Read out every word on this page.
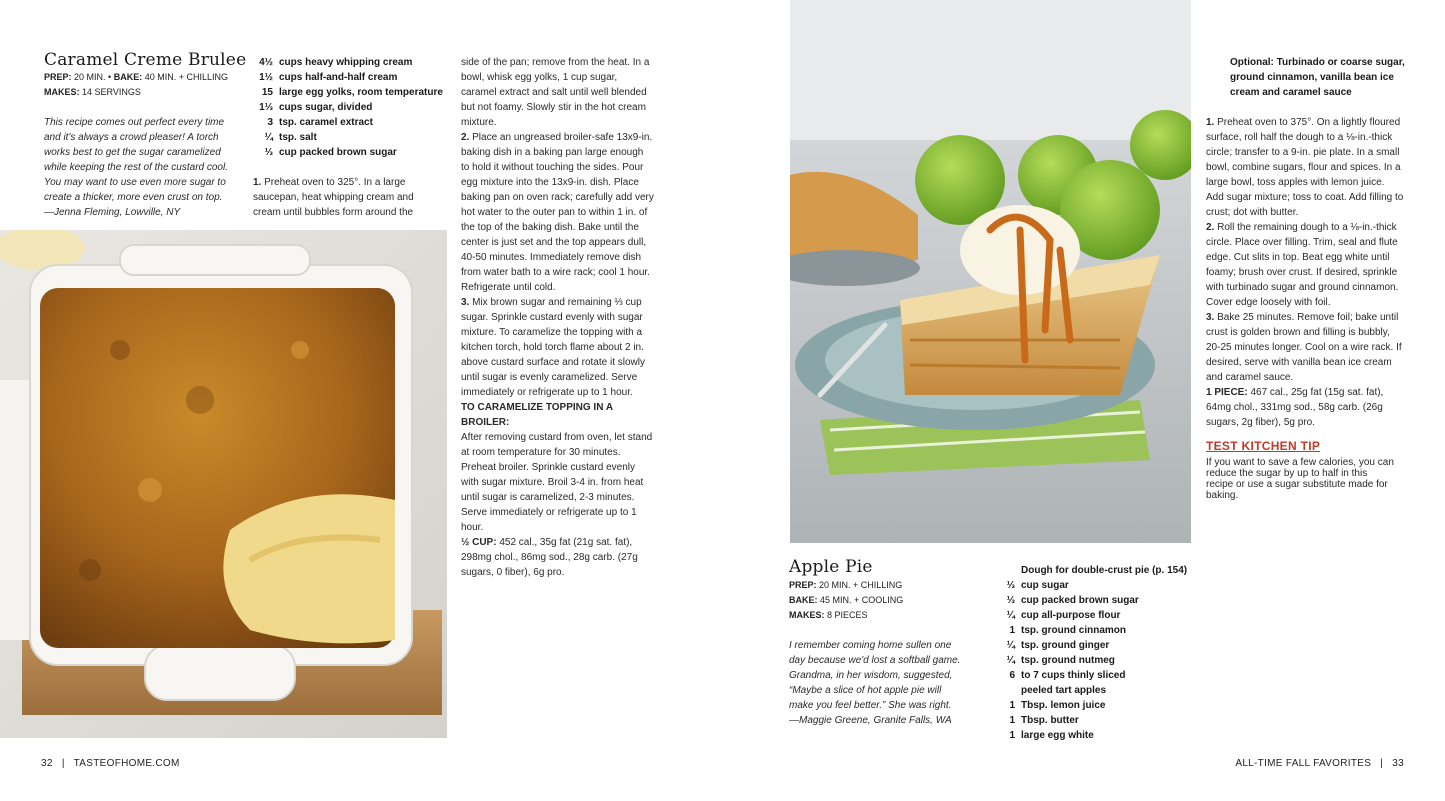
Caramel Creme Brulee
PREP: 20 MIN. • BAKE: 40 MIN. + CHILLING
MAKES: 14 SERVINGS
This recipe comes out perfect every time and it's always a crowd pleaser! A torch works best to get the sugar caramelized while keeping the rest of the custard cool. You may want to use even more sugar to create a thicker, more even crust on top.
—Jenna Fleming, Lowville, NY
4½ cups heavy whipping cream
1½ cups half-and-half cream
15 large egg yolks, room temperature
1⅓ cups sugar, divided
3 tsp. caramel extract
¼ tsp. salt
⅓ cup packed brown sugar

1. Preheat oven to 325°. In a large saucepan, heat whipping cream and cream until bubbles form around the

side of the pan; remove from the heat. In a bowl, whisk egg yolks, 1 cup sugar, caramel extract and salt until well blended but not foamy. Slowly stir in the hot cream mixture.

2. Place an ungreased broiler-safe 13x9-in. baking dish in a baking pan large enough to hold it without touching the sides. Pour egg mixture into the 13x9-in. dish. Place baking pan on oven rack; carefully add very hot water to the outer pan to within 1 in. of the top of the baking dish. Bake until the center is just set and the top appears dull, 40-50 minutes. Immediately remove dish from water bath to a wire rack; cool 1 hour. Refrigerate until cold.

3. Mix brown sugar and remaining ⅓ cup sugar. Sprinkle custard evenly with sugar mixture. To caramelize the topping with a kitchen torch, hold torch flame about 2 in. above custard surface and rotate it slowly until sugar is evenly caramelized. Serve immediately or refrigerate up to 1 hour.

TO CARAMELIZE TOPPING IN A BROILER:

After removing custard from oven, let stand at room temperature for 30 minutes. Preheat broiler. Sprinkle custard evenly with sugar mixture. Broil 3-4 in. from heat until sugar is caramelized, 2-3 minutes. Serve immediately or refrigerate up to 1 hour.

½ CUP: 452 cal., 35g fat (21g sat. fat), 298mg chol., 86mg sod., 28g carb. (27g sugars, 0 fiber), 6g pro.

32 | TASTEOFHOME.COM
Optional: Turbinado or coarse sugar, ground cinnamon, vanilla bean ice cream and caramel sauce

1. Preheat oven to 375°. On a lightly floured surface, roll half the dough to a ⅛-in.-thick circle; transfer to a 9-in. pie plate. In a small bowl, combine sugars, flour and spices. In a large bowl, toss apples with lemon juice. Add sugar mixture; toss to coat. Add filling to crust; dot with butter.

2. Roll the remaining dough to a ⅛-in.-thick circle. Place over filling. Trim, seal and flute edge. Cut slits in top. Beat egg white until foamy; brush over crust. If desired, sprinkle with turbinado sugar and ground cinnamon. Cover edge loosely with foil.

3. Bake 25 minutes. Remove foil; bake until crust is golden brown and filling is bubbly, 20-25 minutes longer. Cool on a wire rack. If desired, serve with vanilla bean ice cream and caramel sauce.

1 PIECE: 467 cal., 25g fat (15g sat. fat), 64mg chol., 331mg sod., 58g carb. (26g sugars, 2g fiber), 5g pro.

TEST KITCHEN TIP
If you want to save a few calories, you can reduce the sugar by up to half in this recipe or use a sugar substitute made for baking.
Apple Pie
PREP: 20 MIN. + CHILLING
BAKE: 45 MIN. + COOLING
MAKES: 8 PIECES
I remember coming home sullen one day because we'd lost a softball game. Grandma, in her wisdom, suggested, “Maybe a slice of hot apple pie will make you feel better.” She was right.
—Maggie Greene, Granite Falls, WA
Dough for double-crust pie (p. 154)
⅓ cup sugar
⅓ cup packed brown sugar
¼ cup all-purpose flour
1 tsp. ground cinnamon
¼ tsp. ground ginger
¼ tsp. ground nutmeg
6 to 7 cups thinly sliced
peeled tart apples
1 Tbsp. lemon juice
1 Tbsp. butter
1 large egg white
ALL-TIME FALL FAVORITES | 33
